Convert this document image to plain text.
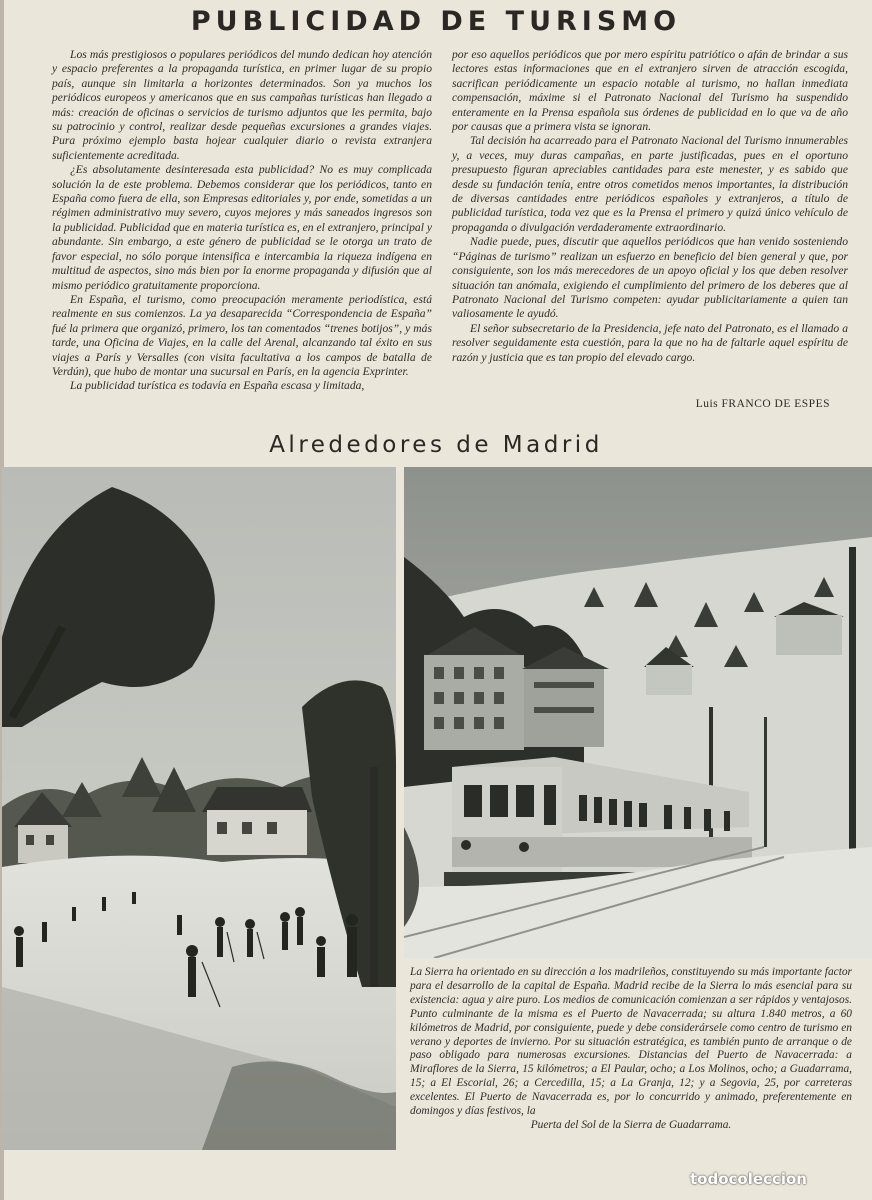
PUBLICIDAD DE TURISMO

Los más prestigiosos o populares periódicos del mundo dedican hoy atención y espacio preferentes a la propaganda turística, en primer lugar de su propio país, aunque sin limitarla a horizontes determinados. Son ya muchos los periódicos europeos y americanos que en sus campañas turísticas han llegado a más: creación de oficinas o servicios de turismo adjuntos que les permita, bajo su patrocinio y control, realizar desde pequeñas excursiones a grandes viajes. Pura próximo ejemplo basta hojear cualquier diario o revista extranjera suficientemente acreditada.

¿Es absolutamente desinteresada esta publicidad? No es muy complicada solución la de este problema. Debemos considerar que los periódicos, tanto en España como fuera de ella, son Empresas editoriales y, por ende, sometidas a un régimen administrativo muy severo, cuyos mejores y más saneados ingresos son la publicidad. Publicidad que en materia turística es, en el extranjero, principal y abundante. Sin embargo, a este género de publicidad se le otorga un trato de favor especial, no sólo porque intensifica e intercambia la riqueza indígena en multitud de aspectos, sino más bien por la enorme propaganda y difusión que al mismo periódico gratuitamente proporciona.

En España, el turismo, como preocupación meramente periodística, está realmente en sus comienzos. La ya desaparecida “Correspondencia de España” fué la primera que organizó, primero, los tan comentados “trenes botijos”, y más tarde, una Oficina de Viajes, en la calle del Arenal, alcanzando tal éxito en sus viajes a París y Versalles (con visita facultativa a los campos de batalla de Verdún), que hubo de montar una sucursal en París, en la agencia Exprinter.

La publicidad turística es todavía en España escasa y limitada,

por eso aquellos periódicos que por mero espíritu patriótico o afán de brindar a sus lectores estas informaciones que en el extranjero sirven de atracción escogida, sacrifican periódicamente un espacio notable al turismo, no hallan inmediata compensación, máxime si el Patronato Nacional del Turismo ha suspendido enteramente en la Prensa española sus órdenes de publicidad en lo que va de año por causas que a primera vista se ignoran.

Tal decisión ha acarreado para el Patronato Nacional del Turismo innumerables y, a veces, muy duras campañas, en parte justificadas, pues en el oportuno presupuesto figuran apreciables cantidades para este menester, y es sabido que desde su fundación tenía, entre otros cometidos menos importantes, la distribución de diversas cantidades entre periódicos españoles y extranjeros, a título de publicidad turística, toda vez que es la Prensa el primero y quizá único vehículo de propaganda o divulgación verdaderamente extraordinario.

Nadie puede, pues, discutir que aquellos periódicos que han venido sosteniendo “Páginas de turismo” realizan un esfuerzo en beneficio del bien general y que, por consiguiente, son los más merecedores de un apoyo oficial y los que deben resolver situación tan anómala, exigiendo el cumplimiento del primero de los deberes que al Patronato Nacional del Turismo competen: ayudar publicitariamente a quien tan valiosamente le ayudó.

El señor subsecretario de la Presidencia, jefe nato del Patronato, es el llamado a resolver seguidamente esta cuestión, para la que no ha de faltarle aquel espíritu de razón y justicia que es tan propio del elevado cargo.

Luis FRANCO DE ESPES
Alrededores de Madrid
La Sierra ha orientado en su dirección a los madrileños, constituyendo su más importante factor para el desarrollo de la capital de España. Madrid recibe de la Sierra lo más esencial para su existencia: agua y aire puro. Los medios de comunicación comienzan a ser rápidos y ventajosos. Punto culminante de la misma es el Puerto de Navacerrada; su altura 1.840 metros, a 60 kilómetros de Madrid, por consiguiente, puede y debe considerársele como centro de turismo en verano y deportes de invierno. Por su situación estratégica, es también punto de arranque o de paso obligado para numerosas excursiones. Distancias del Puerto de Navacerrada: a Miraflores de la Sierra, 15 kilómetros; a El Paular, ocho; a Los Molinos, ocho; a Guadarrama, 15; a El Escorial, 26; a Cercedilla, 15; a La Granja, 12; y a Segovia, 25, por carreteras excelentes. El Puerto de Navacerrada es, por lo concurrido y animado, preferentemente en domingos y días festivos, la
Puerta del Sol de la Sierra de Guadarrama.
todocoleccion
